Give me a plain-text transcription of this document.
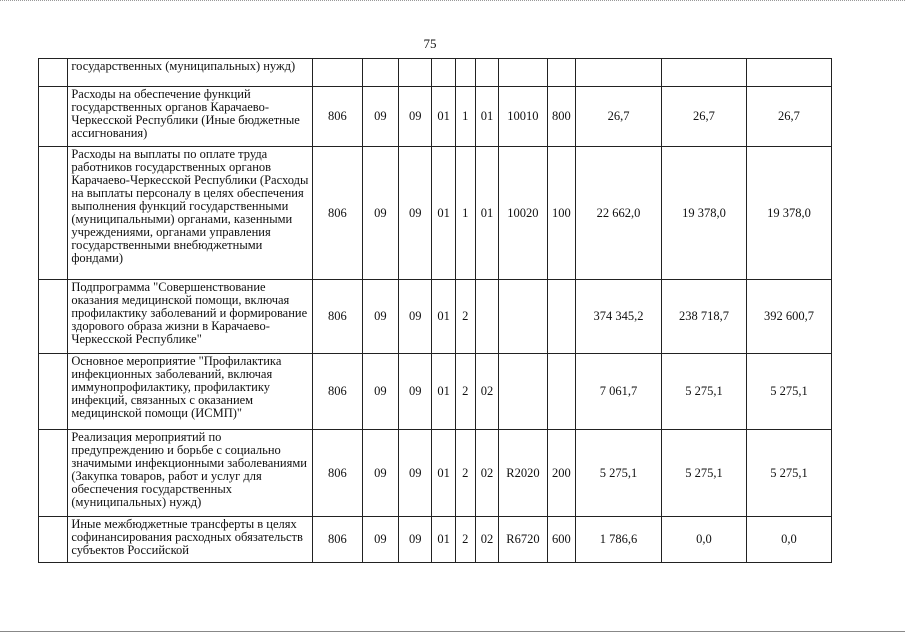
75
	государственных (муниципальных) нужд)											
	Расходы на обеспечение функций государственных органов Карачаево-Черкесской Республики (Иные бюджетные ассигнования)	806	09	09	01	1	01	10010	800	26,7	26,7	26,7
	Расходы на выплаты по оплате труда работников государственных органов Карачаево-Черкесской Республики (Расходы на выплаты персоналу в целях обеспечения выполнения функций государственными (муниципальными) органами, казенными учреждениями, органами управления государственными внебюджетными фондами)	806	09	09	01	1	01	10020	100	22 662,0	19 378,0	19 378,0
	Подпрограмма "Совершенствование оказания медицинской помощи, включая профилактику заболеваний и формирование здорового образа жизни в Карачаево-Черкесской Республике"	806	09	09	01	2				374 345,2	238 718,7	392 600,7
	Основное мероприятие "Профилактика инфекционных заболеваний, включая иммунопрофилактику, профилактику инфекций, связанных с оказанием медицинской помощи (ИСМП)"	806	09	09	01	2	02			7 061,7	5 275,1	5 275,1
	Реализация мероприятий по предупреждению и борьбе с социально значимыми инфекционными заболеваниями (Закупка товаров, работ и услуг для обеспечения государственных (муниципальных) нужд)	806	09	09	01	2	02	R2020	200	5 275,1	5 275,1	5 275,1
	Иные межбюджетные трансферты в целях софинансирования расходных обязательств субъектов Российской	806	09	09	01	2	02	R6720	600	1 786,6	0,0	0,0
